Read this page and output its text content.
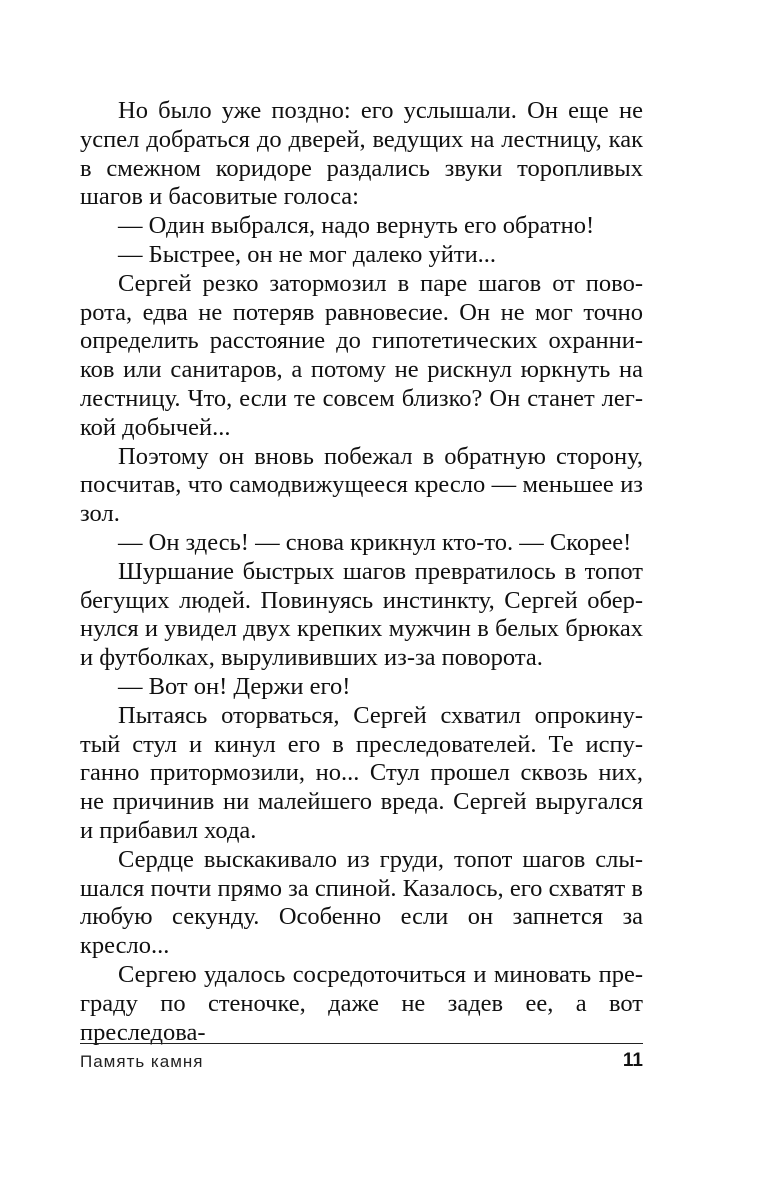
Но было уже поздно: его услышали. Он еще не успел добраться до дверей, ведущих на лестницу, как в смежном коридоре раздались звуки торопливых шагов и басовитые голоса:

— Один выбрался, надо вернуть его обратно!

— Быстрее, он не мог далеко уйти...

Сергей резко затормозил в паре шагов от поворота, едва не потеряв равновесие. Он не мог точно определить расстояние до гипотетических охранников или санитаров, а потому не рискнул юркнуть на лестницу. Что, если те совсем близко? Он станет легкой добычей...

Поэтому он вновь побежал в обратную сторону, посчитав, что самодвижущееся кресло — меньшее из зол.

— Он здесь! — снова крикнул кто-то. — Скорее!

Шуршание быстрых шагов превратилось в топот бегущих людей. Повинуясь инстинкту, Сергей обернулся и увидел двух крепких мужчин в белых брюках и футболках, вырулививших из-за поворота.

— Вот он! Держи его!

Пытаясь оторваться, Сергей схватил опрокинутый стул и кинул его в преследователей. Те испуганно притормозили, но... Стул прошел сквозь них, не причинив ни малейшего вреда. Сергей выругался и прибавил хода.

Сердце выскакивало из груди, топот шагов слышался почти прямо за спиной. Казалось, его схватят в любую секунду. Особенно если он запнется за кресло...

Сергею удалось сосредоточиться и миновать преграду по стеночке, даже не задев ее, а вот преследова-

Память камня	11
